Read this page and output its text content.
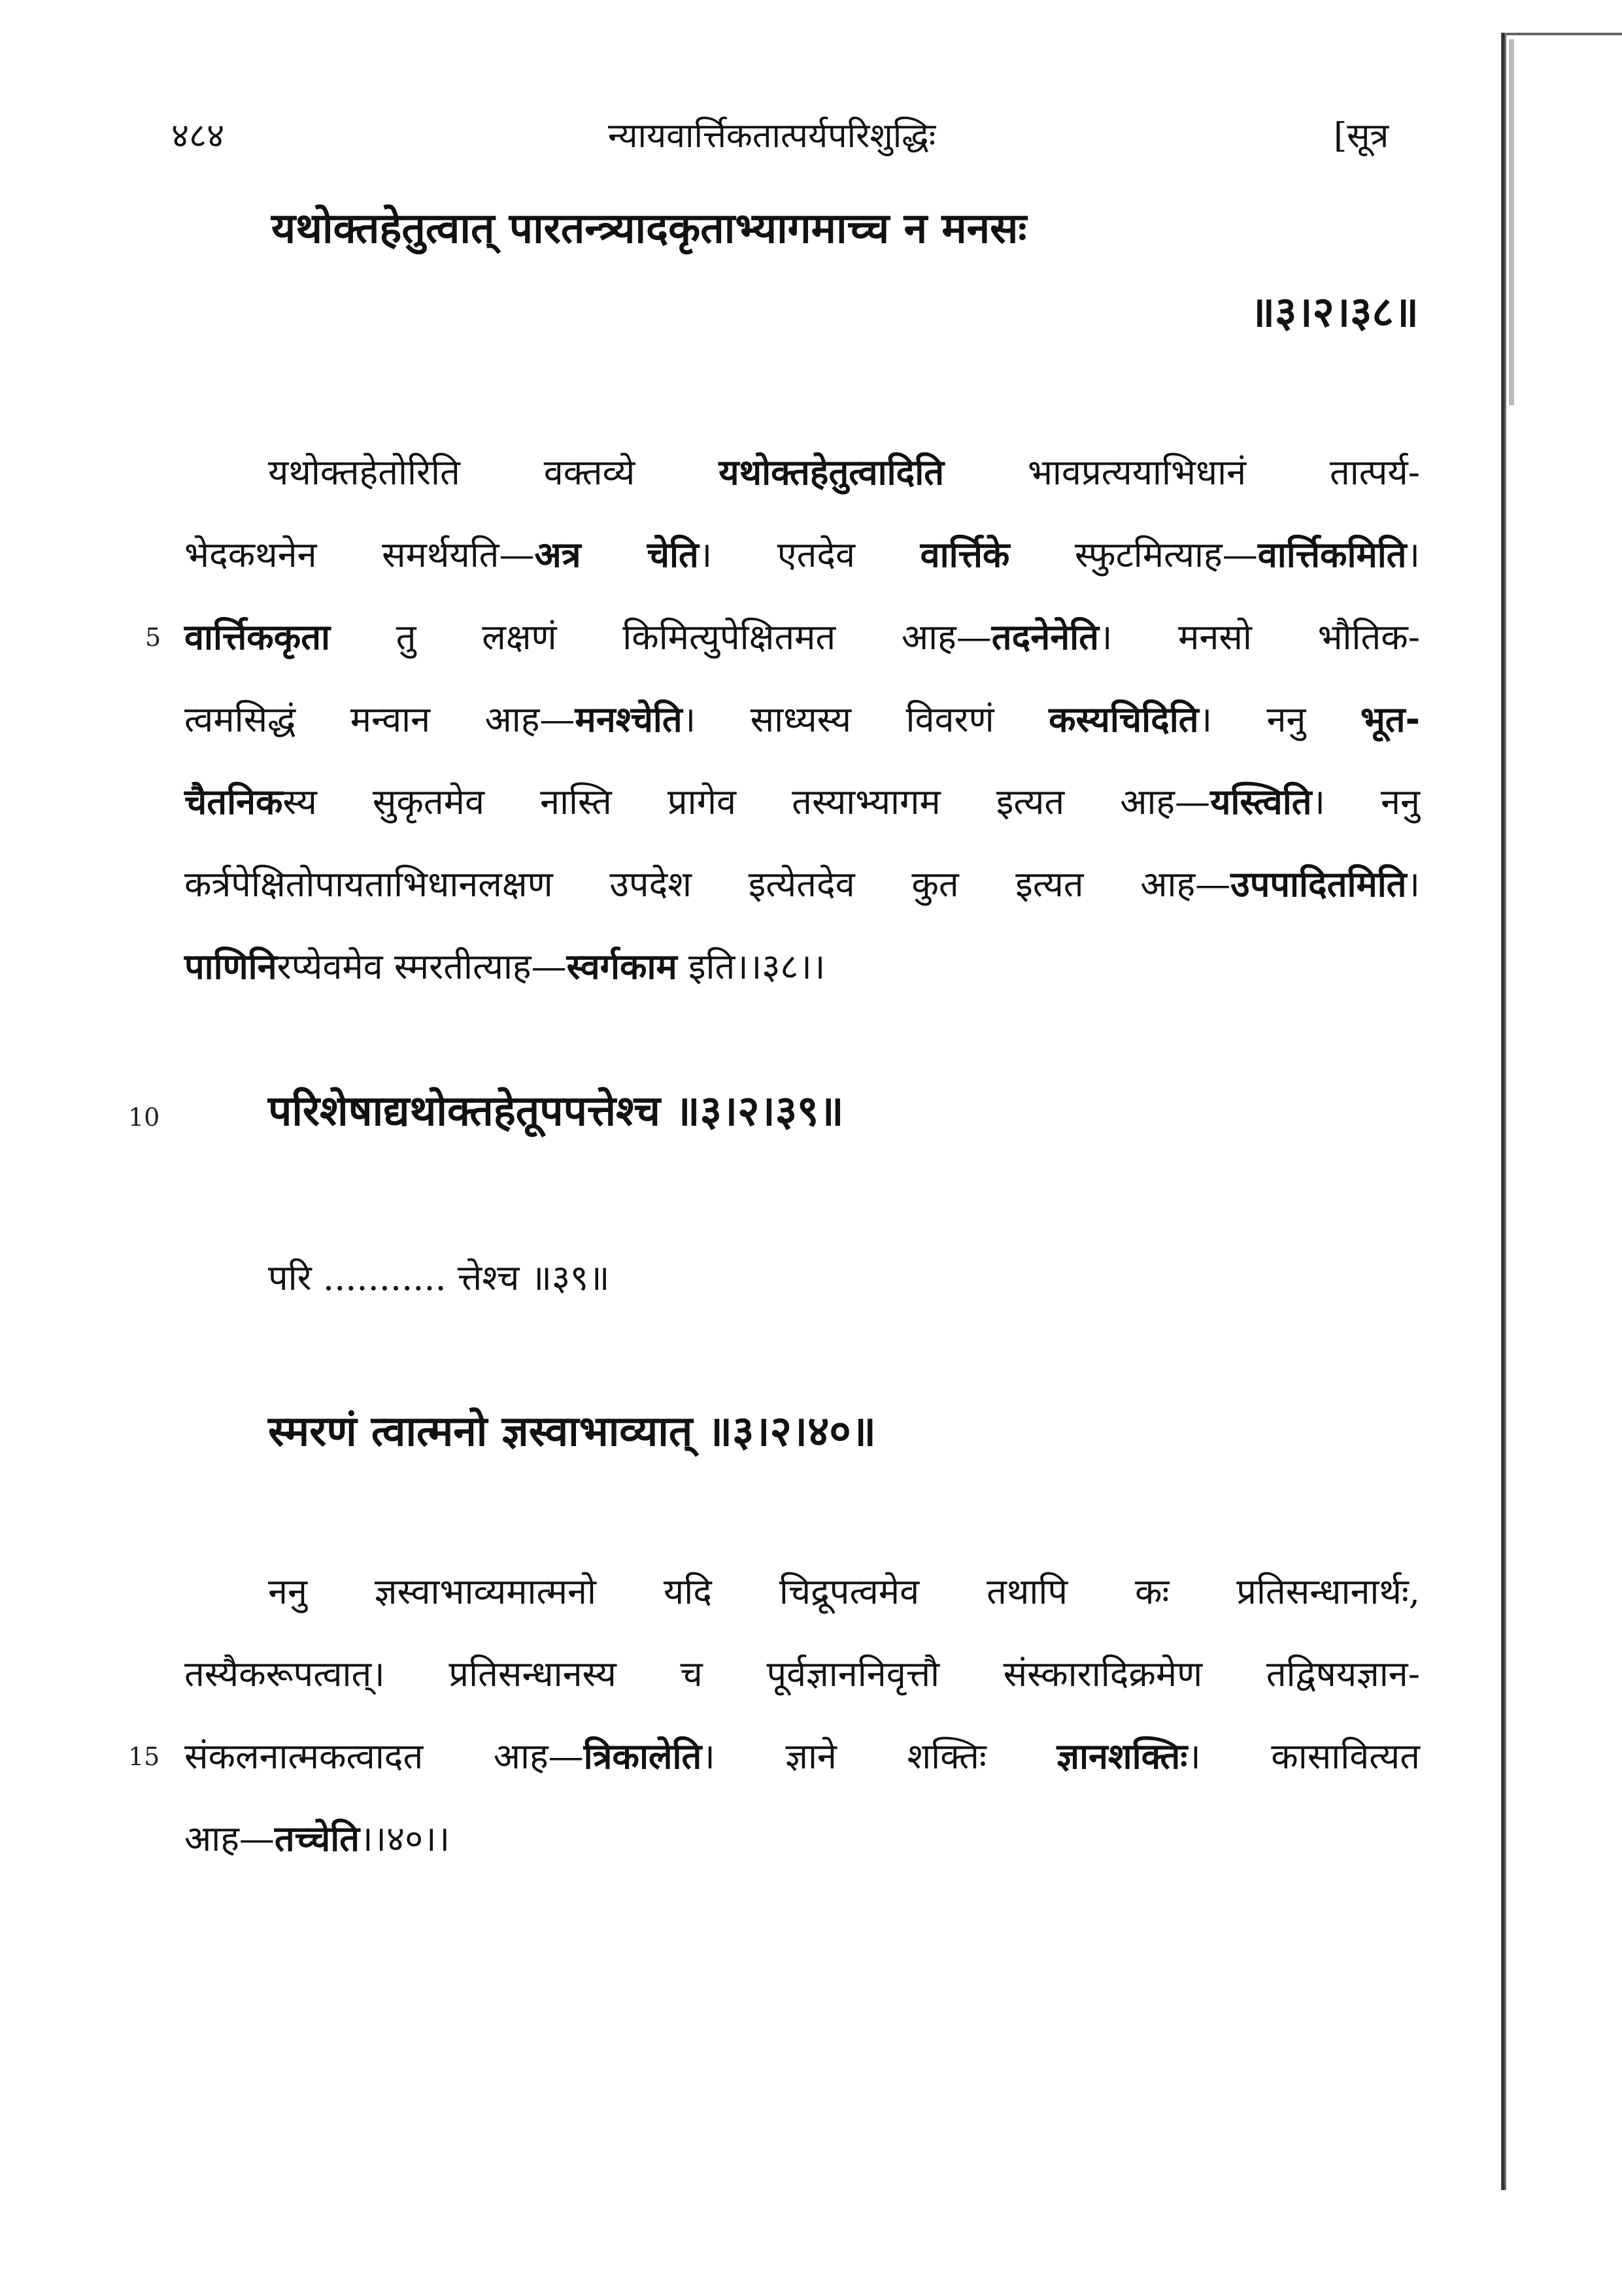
४८४	न्यायवार्त्तिकतात्पर्यपरिशुद्धिः	[सूत्र
यथोक्तहेतुत्वात् पारतन्त्र्यादकृताभ्यागमाच्च न मनसः
॥३।२।३८॥
यथोक्तहेतोरिति वक्तव्ये यथोक्तहेतुत्वादिति भावप्रत्ययाभिधानं तात्पर्य-
भेदकथनेन समर्थयति—अत्र चेति। एतदेव वार्त्तिके स्फुटमित्याह—वार्त्तिकमिति।
5 वार्त्तिककृता तु लक्षणं किमित्युपेक्षितमत आह—तदनेनेति। मनसो भौतिक-
त्वमसिद्धं मन्वान आह—मनश्चेति। साध्यस्य विवरणं कस्यचिदिति। ननु भूत-
चैतनिकस्य सुकृतमेव नास्ति प्रागेव तस्याभ्यागम इत्यत आह—यस्त्विति। ननु
कर्त्रपेक्षितोपायताभिधानलक्षण उपदेश इत्येतदेव कुत इत्यत आह—उपपादितमिति।
पाणिनिरप्येवमेव स्मरतीत्याह—स्वर्गकाम इति।।३८।।
10	परिशेषाद्यथोक्तहेतूपपत्तेश्च ॥३।२।३९॥
परि ........... त्तेश्च ॥३९॥
स्मरणं त्वात्मनो ज्ञस्वाभाव्यात् ॥३।२।४०॥
ननु ज्ञस्वाभाव्यमात्मनो यदि चिद्रूपत्वमेव तथापि कः प्रतिसन्धानार्थः,
तस्यैकरूपत्वात्। प्रतिसन्धानस्य च पूर्वज्ञाननिवृत्तौ संस्कारादिक्रमेण तद्विषयज्ञान-
15 संकलनात्मकत्वादत आह—त्रिकालेति। ज्ञाने शक्तिः ज्ञानशक्तिः। कासावित्यत
आह—तच्चेति।।४०।।
